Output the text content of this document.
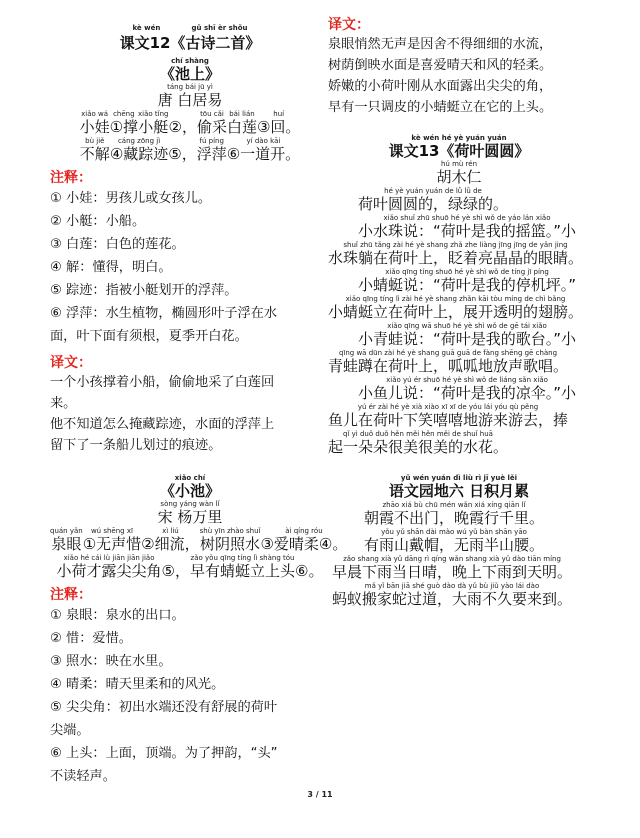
kè wén
	gǔ shī èr shǒu
课文12《古诗二首》
chí shàng
《池上》
táng bái jū yì
唐 白居易
xiǎo wá
小娃
chēng
①撑
xiǎo tǐng
小艇 ②，
tōu cǎi
偷采
bái lián
白莲
huí
③回。
bù jiě
不解
cáng zōng jì
④藏踪迹 ⑤，
fú píng
浮萍
yí dào kāi
⑥一道开。
注释：
① 小娃：男孩儿或女孩儿。
② 小艇：小船。
③ 白莲：白色的莲花。
④ 解：懂得，明白。
⑤ 踪迹：指被小艇划开的浮萍。
⑥ 浮萍：水生植物，椭圆形叶子浮在水
面，叶下面有须根，夏季开白花。
译文：
一个小孩撑着小船，偷偷地采了白莲回
来。
他不知道怎么掩藏踪迹，水面的浮萍上
留下了一条船儿划过的痕迹。
xiǎo chí
《小池》
sòng yáng wàn lǐ
宋 杨万里
quán yǎn
泉眼
wú shēng xī
①无声惜
xì liú
②细流，
shù yīn zhào shuǐ
树阴照水
ài qíng róu
③爱晴柔④。
xiǎo hé cái lù jiān jiān jiǎo
小荷才露尖尖角 ⑤，
zǎo yǒu qīng tíng lì shàng tóu
早有蜻蜓立上头 ⑥。
注释：
① 泉眼：泉水的出口。
② 惜：爱惜。
③ 照水：映在水里。
④ 晴柔：晴天里柔和的风光。
⑤ 尖尖角：初出水端还没有舒展的荷叶
尖端。
⑥ 上头：上面，顶端。为了押韵，“头”
不读轻声。
译文：
泉眼悄然无声是因舍不得细细的水流，
树荫倒映水面是喜爱晴天和风的轻柔。
娇嫩的小荷叶刚从水面露出尖尖的角，
早有一只调皮的小蜻蜓立在它的上头。
kè wén hé yè yuán yuán
课文13《荷叶圆圆》
hú mù rén
胡木仁
hé yè yuán yuán de lǜ lǜ de
荷叶圆圆的，绿绿的。
xiǎo shuǐ zhū shuō hé yè shì wǒ de yáo lán xiǎo
小水珠说：“荷叶是我的摇篮。”小
shuǐ zhū tǎng zài hé yè shang zhǎ zhe liàng jīng jīng de yǎn jing
水珠躺在荷叶上，眨着亮晶晶的眼睛。
xiǎo qīng tíng shuō hé yè shì wǒ de tíng jī píng
小蜻蜓说：“荷叶是我的停机坪。”
xiǎo qīng tíng lì zài hé yè shang zhǎn kāi tòu míng de chì bǎng
小蜻蜓立在荷叶上，展开透明的翅膀。
xiǎo qīng wā shuō hé yè shì wǒ de gē tái xiǎo
小青蛙说：“荷叶是我的歌台。”小
qīng wā dūn zài hé yè shang guā guā de fàng shēng gē chàng
青蛙蹲在荷叶上，呱呱地放声歌唱。
xiǎo yú ér shuō hé yè shì wǒ de liáng sǎn xiǎo
小鱼儿说：“荷叶是我的凉伞。”小
yú ér zài hé yè xià xiào xī xī de yóu lái yóu qù pěng
鱼儿在荷叶下笑嘻嘻地游来游去，捧
qǐ yì duǒ duǒ hěn měi hěn měi de shuǐ huā
起一朵朵很美很美的水花。
yǔ wén yuán dì liù rì jī yuè lěi
语文园地六 日积月累
zhāo xiá bù chū mén wǎn xiá xíng qiān lǐ
朝霞不出门，晚霞行千里。
yǒu yǔ shān dài mào wú yǔ bàn shān yāo
有雨山戴帽，无雨半山腰。
zǎo shang xià yǔ dāng rì qíng wǎn shang xià yǔ dào tiān míng
早晨下雨当日晴，晚上下雨到天明。
mǎ yǐ bān jiā shé guò dào dà yǔ bù jiǔ yào lái dào
蚂蚁搬家蛇过道，大雨不久要来到。
3 / 11
